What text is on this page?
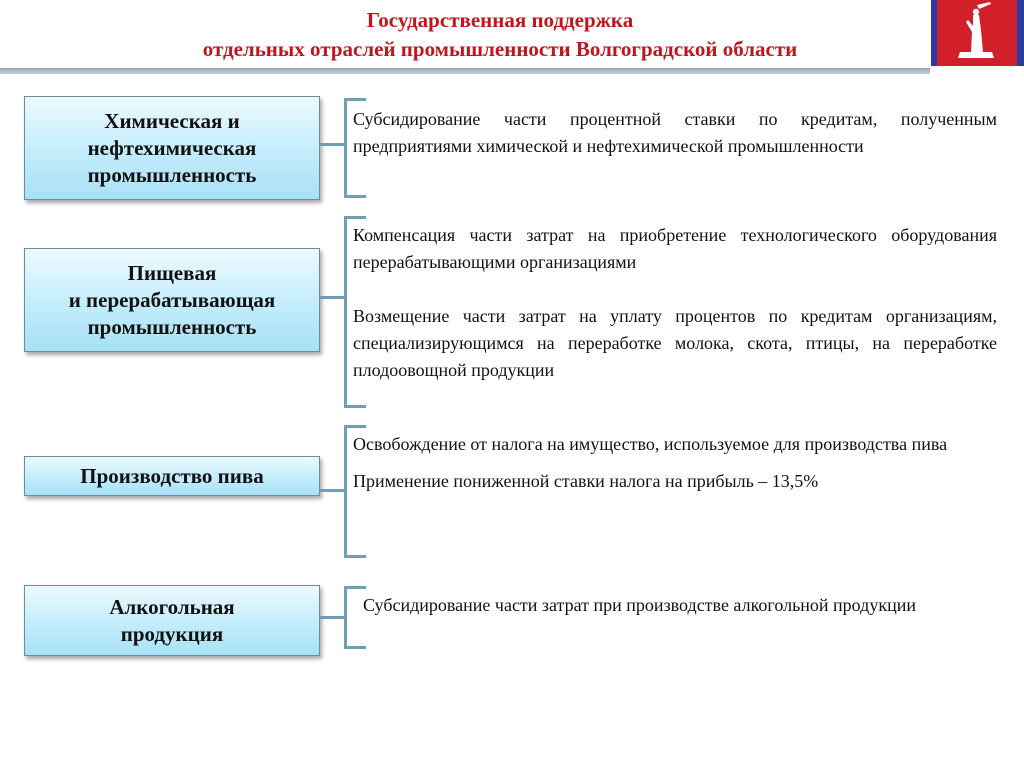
Государственная поддержка
отдельных отраслей промышленности Волгоградской области
Химическая и
нефтехимическая
промышленность

Субсидирование части процентной ставки по кредитам, полученным предприятиями химической и нефтехимической промышленности

Пищевая
и перерабатывающая
промышленность

Компенсация части затрат на приобретение технологического оборудования перерабатывающими организациями

Возмещение части затрат на уплату процентов по кредитам организациям, специализирующимся на переработке молока, скота, птицы, на переработке плодоовощной продукции

Производство пива

Освобождение от налога на имущество, используемое для производства пива

Применение пониженной ставки налога на прибыль – 13,5%

Алкогольная
продукция

Субсидирование части затрат при производстве алкогольной продукции
